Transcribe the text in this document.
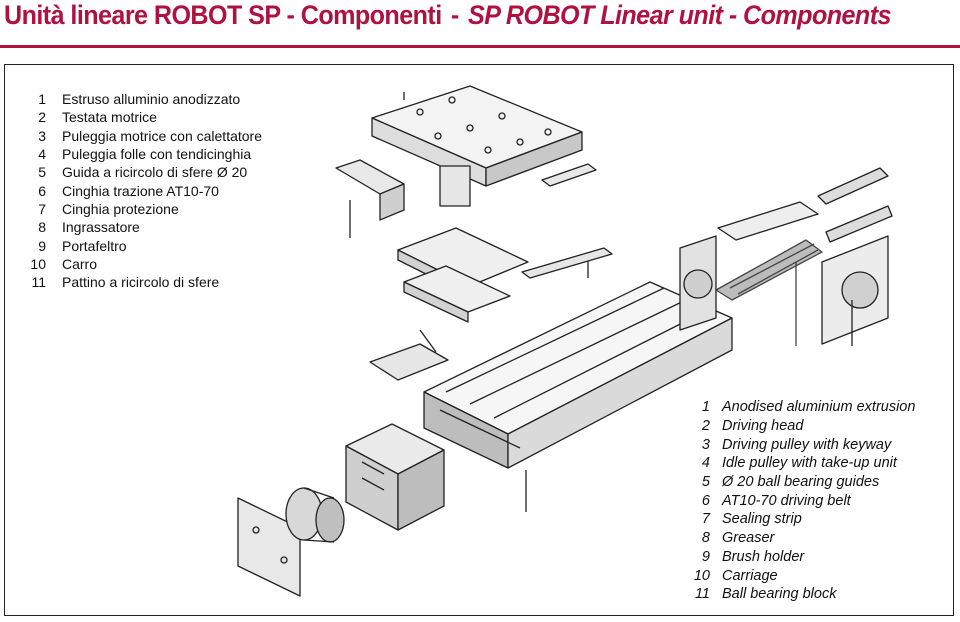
Unità lineare ROBOT SP - Componenti - SP ROBOT Linear unit - Components
1 Estruso alluminio anodizzato
2 Testata motrice
3 Puleggia motrice con calettatore
4 Puleggia folle con tendicinghia
5 Guida a ricircolo di sfere Ø 20
6 Cinghia trazione AT10-70
7 Cinghia protezione
8 Ingrassatore
9 Portafeltro
10 Carro
11 Pattino a ricircolo di sfere
1 Anodised aluminium extrusion
2 Driving head
3 Driving pulley with keyway
4 Idle pulley with take-up unit
5 Ø 20 ball bearing guides
6 AT10-70 driving belt
7 Sealing strip
8 Greaser
9 Brush holder
10 Carriage
11 Ball bearing block
